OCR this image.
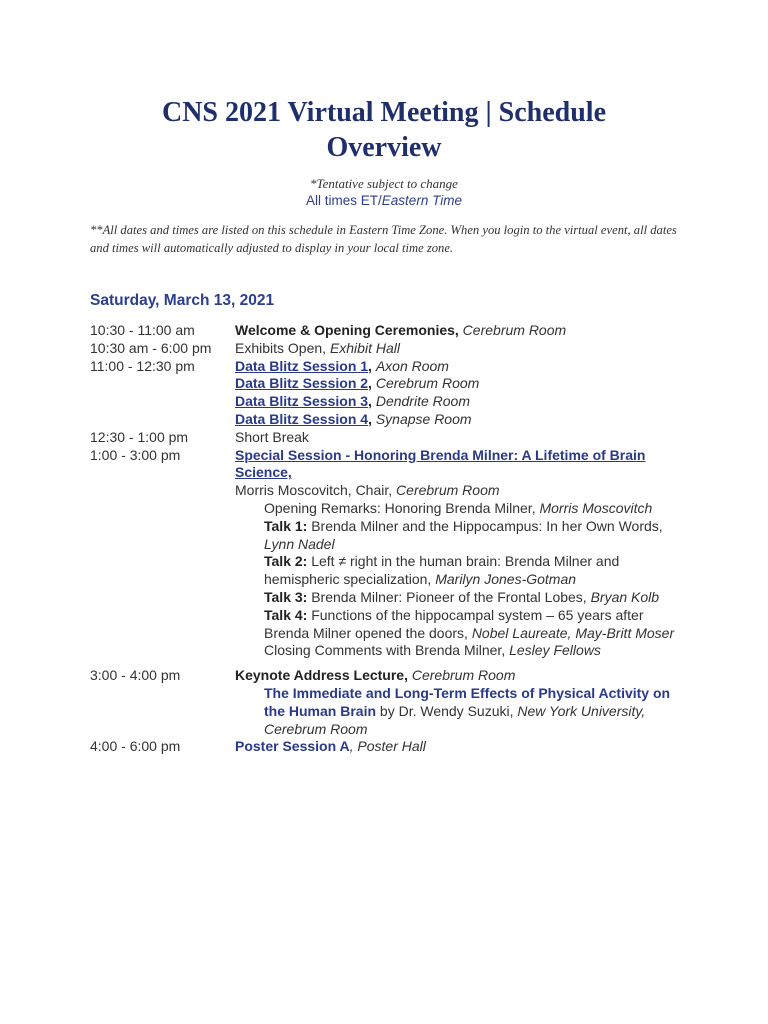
CNS 2021 Virtual Meeting | Schedule
Overview
*Tentative subject to change
All times ET/Eastern Time
**All dates and times are listed on this schedule in Eastern Time Zone. When you login to the virtual event, all dates and times will automatically adjusted to display in your local time zone.
Saturday, March 13, 2021
10:30 - 11:00 am	Welcome & Opening Ceremonies, Cerebrum Room
10:30 am - 6:00 pm	Exhibits Open, Exhibit Hall
11:00 - 12:30 pm	Data Blitz Session 1, Axon Room
Data Blitz Session 2, Cerebrum Room
Data Blitz Session 3, Dendrite Room
Data Blitz Session 4, Synapse Room
12:30 - 1:00 pm	Short Break
1:00 - 3:00 pm	Special Session - Honoring Brenda Milner: A Lifetime of Brain Science,
Morris Moscovitch, Chair, Cerebrum Room
Opening Remarks: Honoring Brenda Milner, Morris Moscovitch
Talk 1: Brenda Milner and the Hippocampus: In her Own Words, Lynn Nadel
Talk 2: Left ≠ right in the human brain: Brenda Milner and hemispheric specialization, Marilyn Jones-Gotman
Talk 3: Brenda Milner: Pioneer of the Frontal Lobes, Bryan Kolb
Talk 4: Functions of the hippocampal system – 65 years after Brenda Milner opened the doors, Nobel Laureate, May-Britt Moser
Closing Comments with Brenda Milner, Lesley Fellows
3:00 - 4:00 pm	Keynote Address Lecture, Cerebrum Room
The Immediate and Long-Term Effects of Physical Activity on the Human Brain by Dr. Wendy Suzuki, New York University, Cerebrum Room
4:00 - 6:00 pm	Poster Session A, Poster Hall
